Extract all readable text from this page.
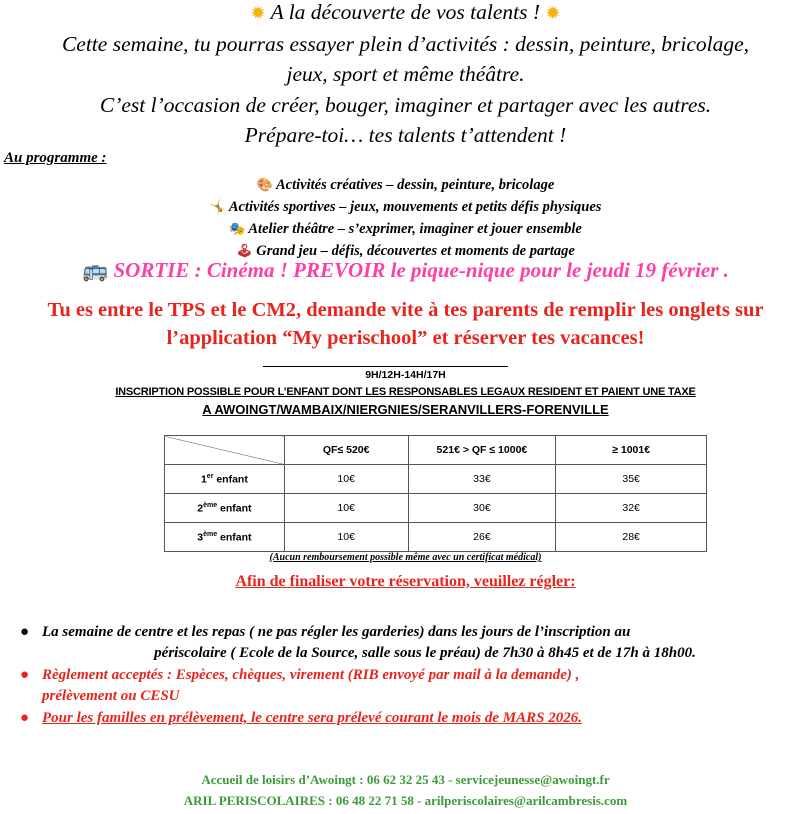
✹ A la découverte de vos talents ! ✹
Cette semaine, tu pourras essayer plein d’activités : dessin, peinture, bricolage,
jeux, sport et même théâtre.
C’est l’occasion de créer, bouger, imaginer et partager avec les autres.
Prépare-toi… tes talents t’attendent !
Au programme :
🎨 Activités créatives – dessin, peinture, bricolage
🤸 Activités sportives – jeux, mouvements et petits défis physiques
🎭 Atelier théâtre – s’exprimer, imaginer et jouer ensemble
🕹 Grand jeu – défis, découvertes et moments de partage
🚌 SORTIE : Cinéma ! PREVOIR le pique-nique pour le jeudi 19 février .
Tu es entre le TPS et le CM2, demande vite à tes parents de remplir les onglets sur
l’application “My perischool” et réserver tes vacances!
9H/12H-14H/17H
INSCRIPTION POSSIBLE POUR L’ENFANT DONT LES RESPONSABLES LEGAUX RESIDENT ET PAIENT UNE TAXE
A AWOINGT/WAMBAIX/NIERGNIES/SERANVILLERS-FORENVILLE
	QF≤ 520€	521€ > QF ≤ 1000€	≥ 1001€
1er enfant	10€	33€	35€
2ème enfant	10€	30€	32€
3ème enfant	10€	26€	28€
(Aucun remboursement possible même avec un certificat médical)
Afin de finaliser votre réservation, veuillez régler:
● La semaine de centre et les repas ( ne pas régler les garderies) dans les jours de l’inscription au
périscolaire ( Ecole de la Source, salle sous le préau) de 7h30 à 8h45 et de 17h à 18h00.
● Règlement acceptés : Espèces, chèques, virement (RIB envoyé par mail à la demande) ,
prélèvement ou CESU
● Pour les familles en prélèvement, le centre sera prélevé courant le mois de MARS 2026.
Accueil de loisirs d’Awoingt : 06 62 32 25 43 - servicejeunesse@awoingt.fr
ARIL PERISCOLAIRES : 06 48 22 71 58 - arilperiscolaires@arilcambresis.com
